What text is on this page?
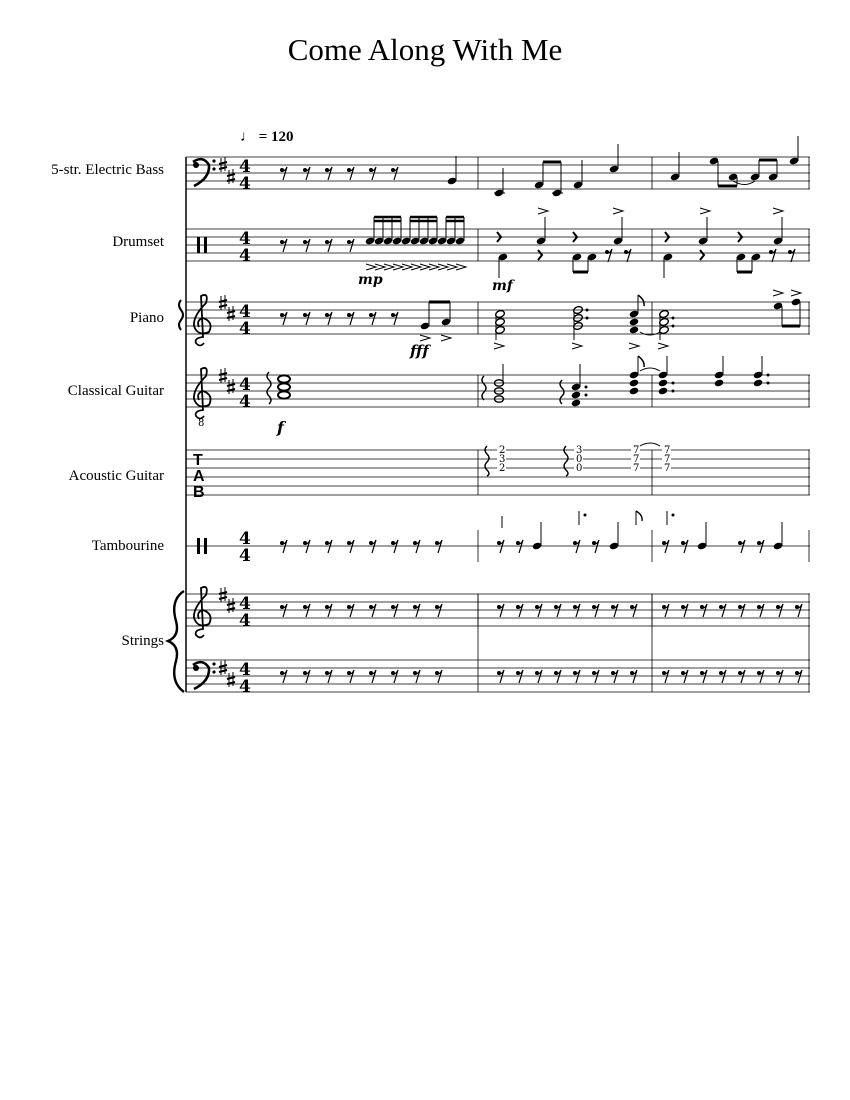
Come Along With Me
♩ = 120
5-str. Electric Bass
Drumset
Piano
Classical Guitar
Acoustic Guitar
Tambourine
Strings
4
4
4
4
mp	mf
4
4
fff
8
4
4
f
T
A
B
2
3
2
3
0
0
7
7
7
7
7
7
4
4
4
4
4
4
